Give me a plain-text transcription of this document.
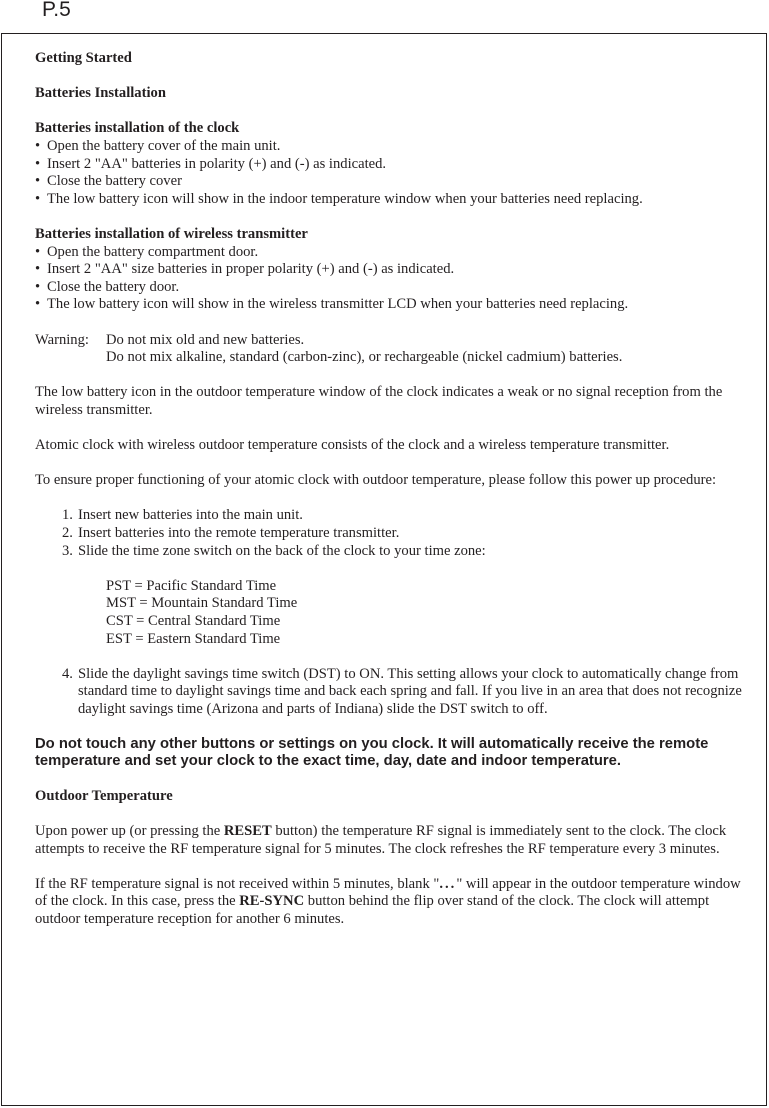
P.5

Getting Started

Batteries Installation

Batteries installation of the clock

• Open the battery cover of the main unit.
• Insert 2 "AA" batteries in polarity (+) and (-) as indicated.
• Close the battery cover
• The low battery icon will show in the indoor temperature window when your batteries need replacing.

Batteries installation of wireless transmitter

• Open the battery compartment door.
• Insert 2 "AA" size batteries in proper polarity (+) and (-) as indicated.
• Close the battery door.
• The low battery icon will show in the wireless transmitter LCD when your batteries need replacing.
Warning:	Do not mix old and new batteries.
Do not mix alkaline, standard (carbon-zinc), or rechargeable (nickel cadmium) batteries.

The low battery icon in the outdoor temperature window of the clock indicates a weak or no signal reception from the wireless transmitter.

Atomic clock with wireless outdoor temperature consists of the clock and a wireless temperature transmitter.

To ensure proper functioning of your atomic clock with outdoor temperature, please follow this power up procedure:

1. Insert new batteries into the main unit.
2. Insert batteries into the remote temperature transmitter.
3. Slide the time zone switch on the back of the clock to your time zone:
PST = Pacific Standard Time
MST = Mountain Standard Time
CST = Central Standard Time
EST = Eastern Standard Time
4. Slide the daylight savings time switch (DST) to ON. This setting allows your clock to automatically change from standard time to daylight savings time and back each spring and fall. If you live in an area that does not recognize daylight savings time (Arizona and parts of Indiana) slide the DST switch to off.

Do not touch any other buttons or settings on you clock. It will automatically receive the remote temperature and set your clock to the exact time, day, date and indoor temperature.

Outdoor Temperature

Upon power up (or pressing the RESET button) the temperature RF signal is immediately sent to the clock. The clock attempts to receive the RF temperature signal for 5 minutes. The clock refreshes the RF temperature every 3 minutes.

If the RF temperature signal is not received within 5 minutes, blank "..." will appear in the outdoor temperature window of the clock. In this case, press the RE-SYNC button behind the flip over stand of the clock. The clock will attempt outdoor temperature reception for another 6 minutes.
